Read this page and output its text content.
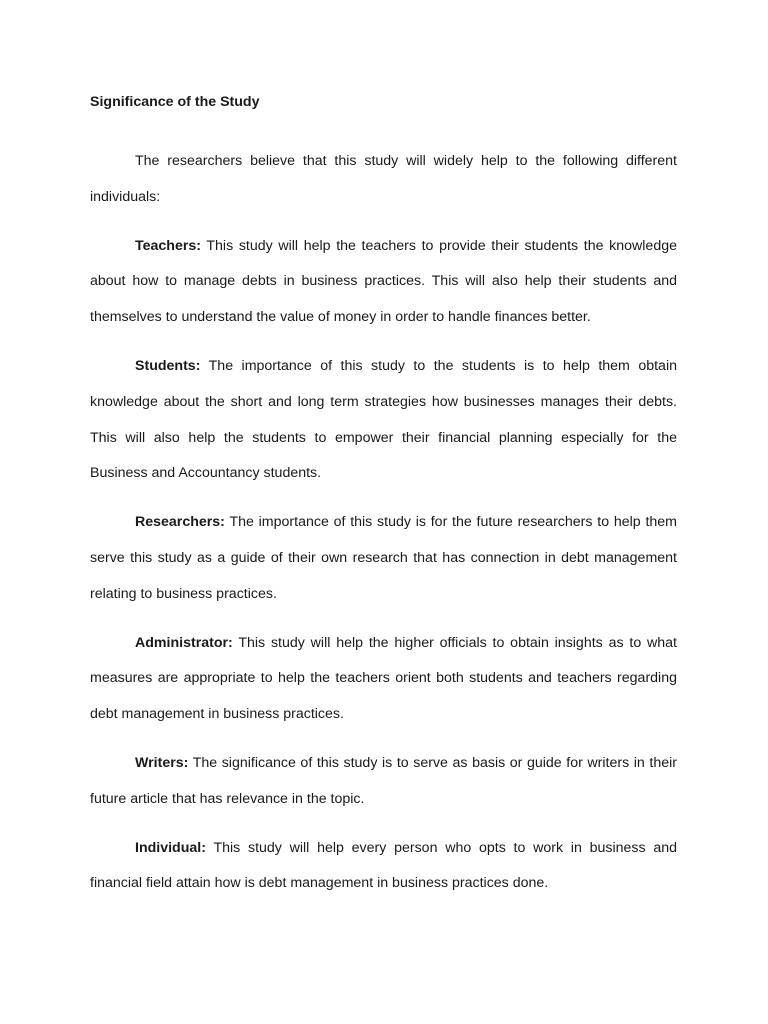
Significance of the Study

The researchers believe that this study will widely help to the following different individuals:

Teachers: This study will help the teachers to provide their students the knowledge about how to manage debts in business practices. This will also help their students and themselves to understand the value of money in order to handle finances better.

Students: The importance of this study to the students is to help them obtain knowledge about the short and long term strategies how businesses manages their debts. This will also help the students to empower their financial planning especially for the Business and Accountancy students.

Researchers: The importance of this study is for the future researchers to help them serve this study as a guide of their own research that has connection in debt management relating to business practices.

Administrator: This study will help the higher officials to obtain insights as to what measures are appropriate to help the teachers orient both students and teachers regarding debt management in business practices.

Writers: The significance of this study is to serve as basis or guide for writers in their future article that has relevance in the topic.

Individual: This study will help every person who opts to work in business and financial field attain how is debt management in business practices done.
